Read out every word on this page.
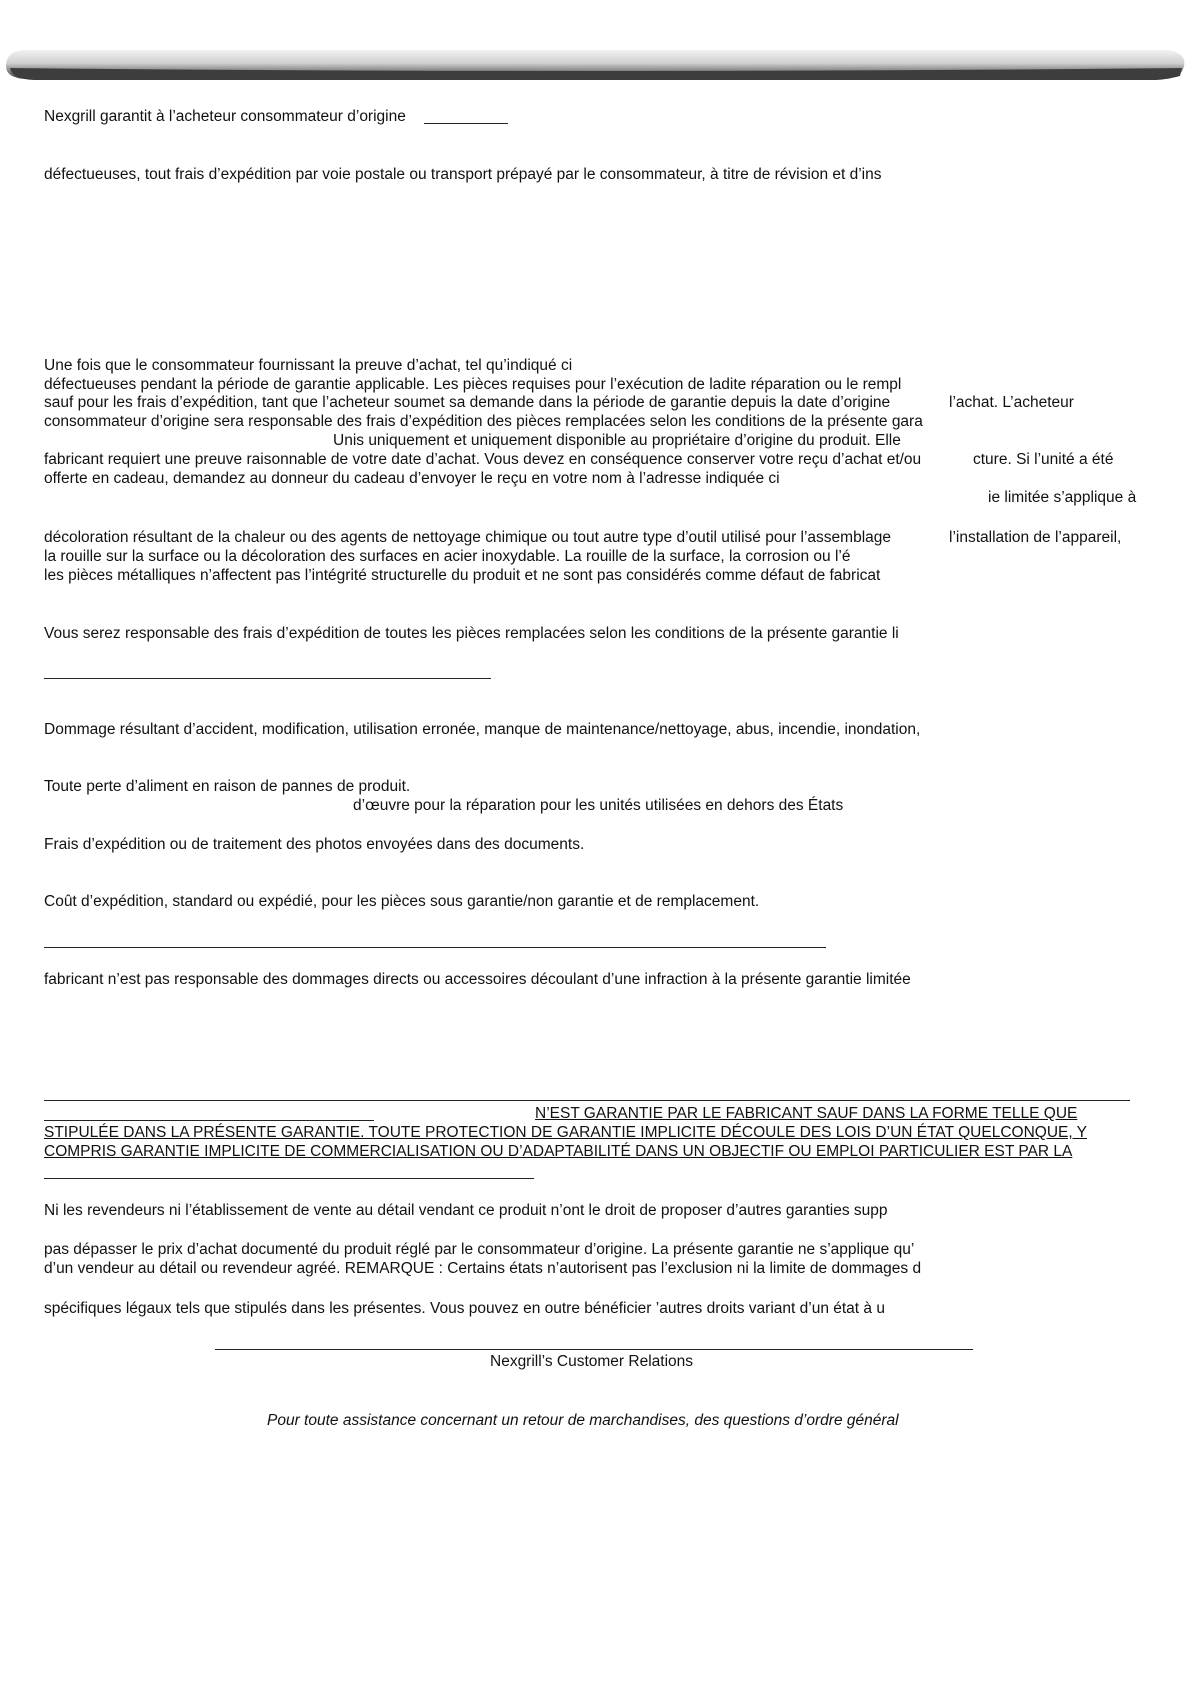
Nexgrill garantit à l’acheteur consommateur d’origine
défectueuses, tout frais d’expédition par voie postale ou transport prépayé par le consommateur, à titre de révision et d’ins
Une fois que le consommateur fournissant la preuve d’achat, tel qu’indiqué ci
défectueuses pendant la période de garantie applicable. Les pièces requises pour l’exécution de ladite réparation ou le rempl
sauf pour les frais d’expédition, tant que l’acheteur soumet sa demande dans la période de garantie depuis la date d’origine	l’achat. L’acheteur
consommateur d’origine sera responsable des frais d’expédition des pièces remplacées selon les conditions de la présente gara
Unis uniquement et uniquement disponible au propriétaire d’origine du produit. Elle
fabricant requiert une preuve raisonnable de votre date d’achat. Vous devez en conséquence conserver votre reçu d’achat et/ou	cture. Si l’unité a été
offerte en cadeau, demandez au donneur du cadeau d’envoyer le reçu en votre nom à l’adresse indiquée ci
ie limitée s’applique à
décoloration résultant de la chaleur ou des agents de nettoyage chimique ou tout autre type d’outil utilisé pour l’assemblage	l’installation de l’appareil,
la rouille sur la surface ou la décoloration des surfaces en acier inoxydable. La rouille de la surface, la corrosion ou l’é
les pièces métalliques n’affectent pas l’intégrité structurelle du produit et ne sont pas considérés comme défaut de fabricat
Vous serez responsable des frais d’expédition de toutes les pièces remplacées selon les conditions de la présente garantie li
Dommage résultant d’accident, modification, utilisation erronée, manque de maintenance/nettoyage, abus, incendie, inondation,
Toute perte d’aliment en raison de pannes de produit.
d’œuvre pour la réparation pour les unités utilisées en dehors des États
Frais d’expédition ou de traitement des photos envoyées dans des documents.
Coût d’expédition, standard ou expédié, pour les pièces sous garantie/non garantie et de remplacement.
fabricant n’est pas responsable des dommages directs ou accessoires découlant d’une infraction à la présente garantie limitée
N’EST GARANTIE PAR LE FABRICANT SAUF DANS LA FORME TELLE QUE
STIPULÉE DANS LA PRÉSENTE GARANTIE. TOUTE PROTECTION DE GARANTIE IMPLICITE DÉCOULE DES LOIS D’UN ÉTAT QUELCONQUE, Y
COMPRIS GARANTIE IMPLICITE DE COMMERCIALISATION OU D’ADAPTABILITÉ DANS UN OBJECTIF OU EMPLOI PARTICULIER EST PAR LA
Ni les revendeurs ni l’établissement de vente au détail vendant ce produit n’ont le droit de proposer d’autres garanties supp
pas dépasser le prix d’achat documenté du produit réglé par le consommateur d’origine. La présente garantie ne s’applique qu’
d’un vendeur au détail ou revendeur agréé. REMARQUE : Certains états n’autorisent pas l’exclusion ni la limite de dommages d
spécifiques légaux tels que stipulés dans les présentes. Vous pouvez en outre bénéficier ’autres droits variant d’un état à u
Nexgrill’s Customer Relations
Pour toute assistance concernant un retour de marchandises, des questions d’ordre général
